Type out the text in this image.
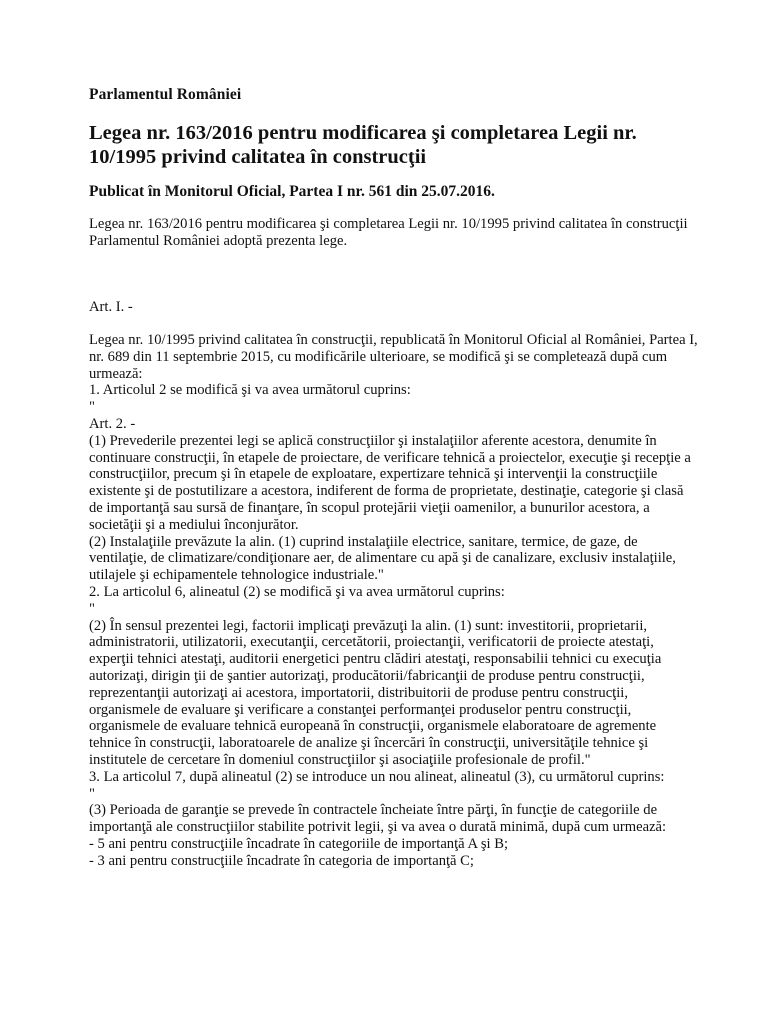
Parlamentul României
Legea nr. 163/2016 pentru modificarea şi completarea Legii nr. 10/1995 privind calitatea în construcţii
Publicat în Monitorul Oficial, Partea I nr. 561 din 25.07.2016.

Legea nr. 163/2016 pentru modificarea şi completarea Legii nr. 10/1995 privind calitatea în construcţii

Parlamentul României adoptă prezenta lege.

Art. I. -

Legea nr. 10/1995 privind calitatea în construcţii, republicată în Monitorul Oficial al României, Partea I, nr. 689 din 11 septembrie 2015, cu modificările ulterioare, se modifică şi se completează după cum urmează:

1. Articolul 2 se modifică şi va avea următorul cuprins:

"

Art. 2. -

(1) Prevederile prezentei legi se aplică construcţiilor şi instalaţiilor aferente acestora, denumite în continuare construcţii, în etapele de proiectare, de verificare tehnică a proiectelor, execuţie şi recepţie a construcţiilor, precum şi în etapele de exploatare, expertizare tehnică şi intervenţii la construcţiile existente şi de postutilizare a acestora, indiferent de forma de proprietate, destinaţie, categorie şi clasă de importanţă sau sursă de finanţare, în scopul protejării vieţii oamenilor, a bunurilor acestora, a societăţii şi a mediului înconjurător.

(2) Instalaţiile prevăzute la alin. (1) cuprind instalaţiile electrice, sanitare, termice, de gaze, de ventilaţie, de climatizare/condiţionare aer, de alimentare cu apă şi de canalizare, exclusiv instalaţiile, utilajele şi echipamentele tehnologice industriale."

2. La articolul 6, alineatul (2) se modifică şi va avea următorul cuprins:

"

(2) În sensul prezentei legi, factorii implicaţi prevăzuţi la alin. (1) sunt: investitorii, proprietarii, administratorii, utilizatorii, executanţii, cercetătorii, proiectanţii, verificatorii de proiecte atestaţi, experţii tehnici atestaţi, auditorii energetici pentru clădiri atestaţi, responsabilii tehnici cu execuţia autorizaţi, dirigin ţii de şantier autorizaţi, producătorii/fabricanţii de produse pentru construcţii, reprezentanţii autorizaţi ai acestora, importatorii, distribuitorii de produse pentru construcţii, organismele de evaluare şi verificare a constanţei performanţei produselor pentru construcţii, organismele de evaluare tehnică europeană în construcţii, organismele elaboratoare de agremente tehnice în construcţii, laboratoarele de analize şi încercări în construcţii, universităţile tehnice şi institutele de cercetare în domeniul construcţiilor şi asociaţiile profesionale de profil."

3. La articolul 7, după alineatul (2) se introduce un nou alineat, alineatul (3), cu următorul cuprins:

"

(3) Perioada de garanţie se prevede în contractele încheiate între părţi, în funcţie de categoriile de importanţă ale construcţiilor stabilite potrivit legii, şi va avea o durată minimă, după cum urmează:

- 5 ani pentru construcţiile încadrate în categoriile de importanţă A şi B;

- 3 ani pentru construcţiile încadrate în categoria de importanţă C;
